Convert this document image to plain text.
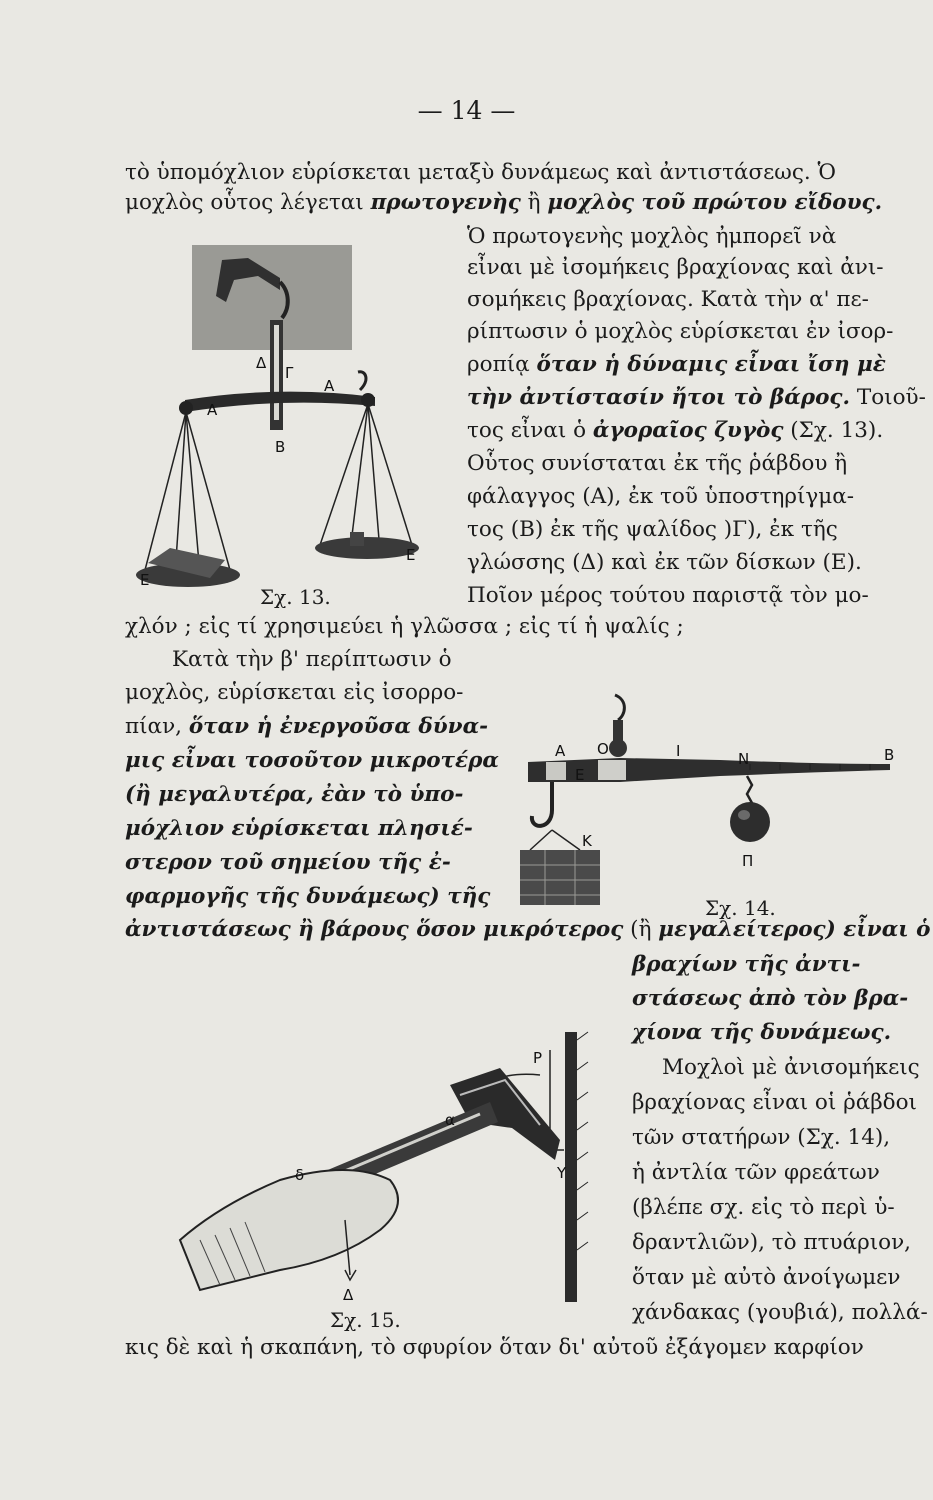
— 14 —
τὸ ὑπομόχλιον εὑρίσκεται μεταξὺ δυνάμεως καὶ ἀντιστάσεως. Ὁ
μοχλὸς οὗτος λέγεται πρωτογενὴς ἢ μοχλὸς τοῦ πρώτου εἴδους.
Ὁ πρωτογενὴς μοχλὸς ἠμπορεῖ νὰ
εἶναι μὲ ἰσομήκεις βραχίονας καὶ ἀνι-
σομήκεις βραχίονας. Κατὰ τὴν α' πε-
ρίπτωσιν ὁ μοχλὸς εὑρίσκεται ἐν ἰσορ-
ροπίᾳ ὅταν ἡ δύναμις εἶναι ἴση μὲ
τὴν ἀντίστασίν ἤτοι τὸ βάρος. Τοιοῦ-
τος εἶναι ὁ ἀγοραῖος ζυγὸς (Σχ. 13).
Οὗτος συνίσταται ἐκ τῆς ῥάβδου ἢ
φάλαγγος (Α), ἐκ τοῦ ὑποστηρίγμα-
τος (Β) ἐκ τῆς ψαλίδος )Γ), ἐκ τῆς
γλώσσης (Δ) καὶ ἐκ τῶν δίσκων (Ε).
Ποῖον μέρος τούτου παριστᾷ τὸν μο-
χλόν ; εἰς τί χρησιμεύει ἡ γλῶσσα ; εἰς τί ἡ ψαλίς ;
Κατὰ τὴν β' περίπτωσιν ὁ
μοχλὸς, εὑρίσκεται εἰς ἰσορρο-
πίαν, ὅταν ἡ ἐνεργοῦσα δύνα-
μις εἶναι τοσοῦτον μικροτέρα
(ἢ μεγαλυτέρα, ἐὰν τὸ ὑπο-
μόχλιον εὑρίσκεται πλησιέ-
στερον τοῦ σημείου τῆς ἐ-
φαρμογῆς τῆς δυνάμεως) τῆς
ἀντιστάσεως ἢ βάρους ὅσον μικρότερος (ἢ μεγαλείτερος) εἶναι ὁ
βραχίων τῆς ἀντι-
στάσεως ἀπὸ τὸν βρα-
χίονα τῆς δυνάμεως.
Μοχλοὶ μὲ ἀνισομήκεις
βραχίονας εἶναι οἱ ῥάβδοι
τῶν στατήρων (Σχ. 14),
ἡ ἀντλία τῶν φρεάτων
(βλέπε σχ. εἰς τὸ περὶ ὑ-
δραντλιῶν), τὸ πτυάριον,
ὅταν μὲ αὐτὸ ἀνοίγωμεν
χάνδακας (γουβιά), πολλά-
κις δὲ καὶ ἡ σκαπάνη, τὸ σφυρίον ὅταν δι' αὐτοῦ ἐξάγομεν καρφίον
Σχ. 13.
Σχ. 14.
Σχ. 15.
Δ
Γ
Α
Α
Β
Ε
Ε
Α Ο	Ι	Ν	Β
Ε
Κ
Π
Ρ
α
δ	Υ
Δ
